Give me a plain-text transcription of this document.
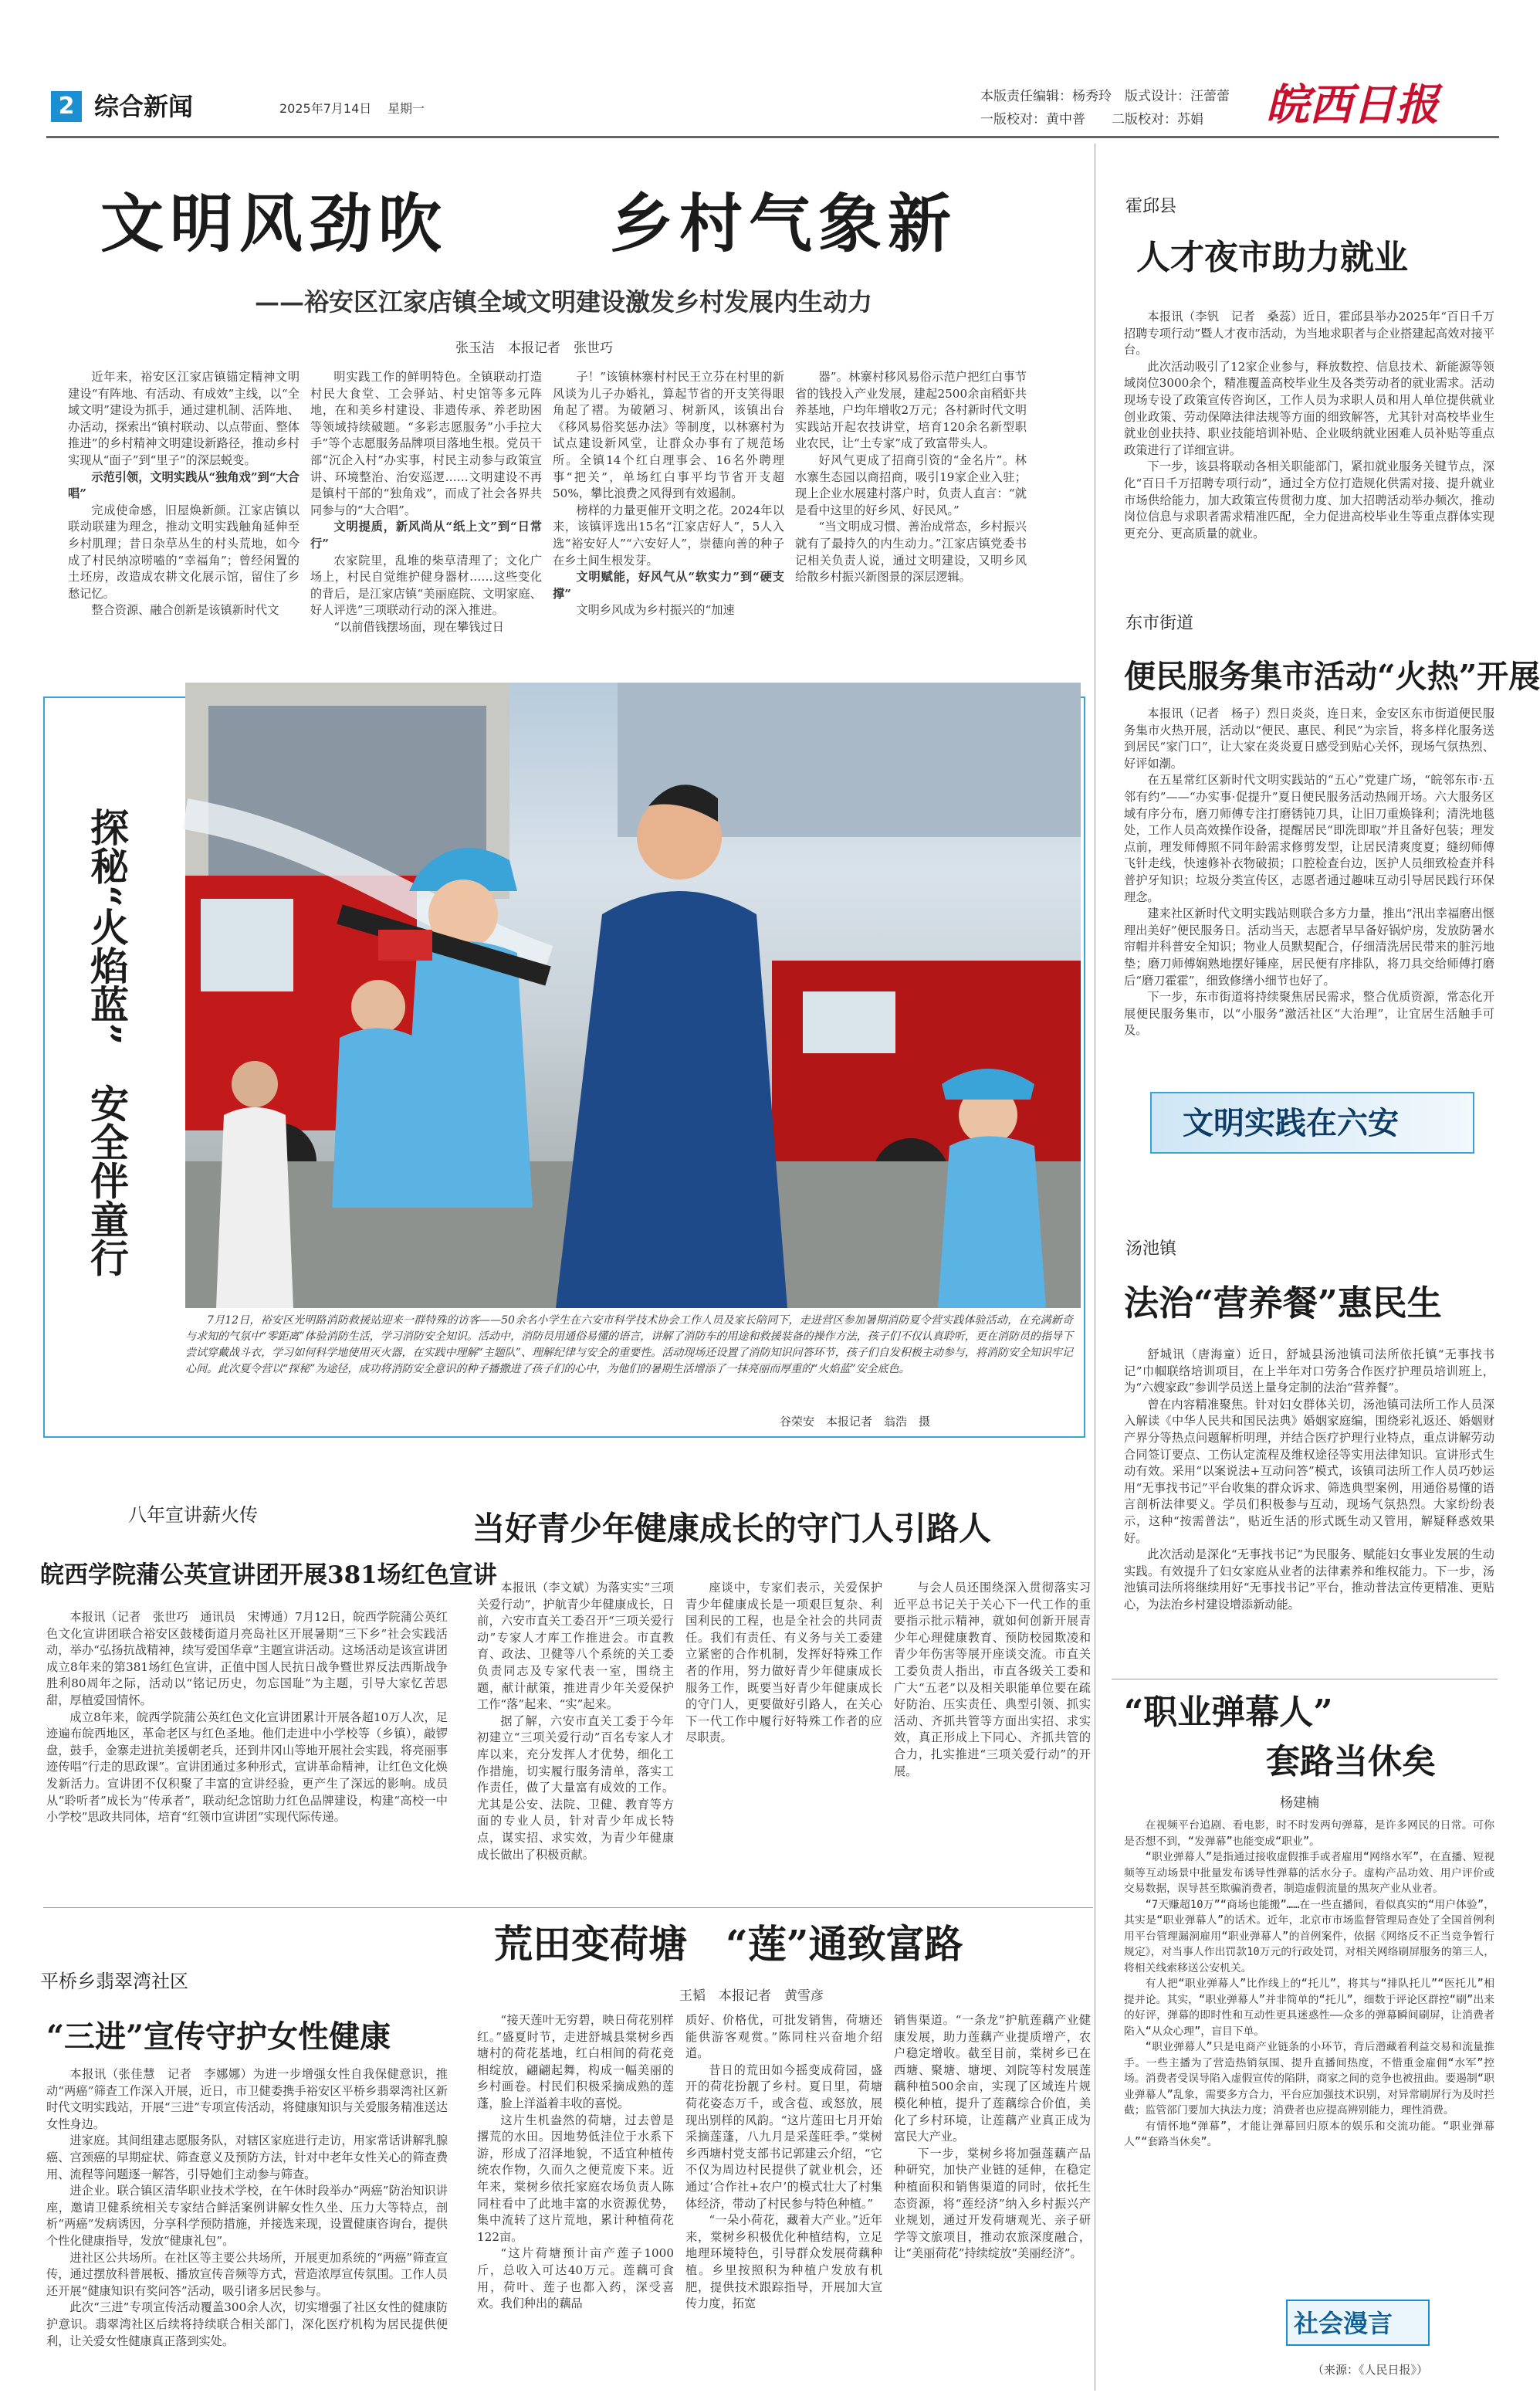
2 综合新闻	2025年7月14日 星期一
本版责任编辑：杨秀玲　版式设计：汪蕾蕾
一版校对：黄中普　　二版校对：苏娟 皖西日报
文明风劲吹	乡村气象新
——裕安区江家店镇全域文明建设激发乡村发展内生动力
张玉洁　本报记者　张世巧

近年来，裕安区江家店镇锚定精神文明建设“有阵地、有活动、有成效”主线，以“全域文明”建设为抓手，通过建机制、活阵地、办活动，探索出“镇村联动、以点带面、整体推进”的乡村精神文明建设新路径，推动乡村实现从“面子”到“里子”的深层蜕变。

示范引领，文明实践从“独角戏”到“大合唱”

完成使命感，旧屋焕新颜。江家店镇以联动联建为理念，推动文明实践触角延伸至乡村肌理；昔日杂草丛生的村头荒地，如今成了村民纳凉唠嗑的“幸福角”；曾经闲置的土坯房，改造成农耕文化展示馆，留住了乡愁记忆。

整合资源、融合创新是该镇新时代文

明实践工作的鲜明特色。全镇联动打造村民大食堂、工会驿站、村史馆等多元阵地，在和美乡村建设、非遗传承、养老助困等领域持续破题。“多彩志愿服务”小手拉大手”等个志愿服务品牌项目落地生根。党员干部“沉企入村”办实事，村民主动参与政策宣讲、环境整治、治安巡逻……文明建设不再是镇村干部的“独角戏”，而成了社会各界共同参与的“大合唱”。

文明提质，新风尚从“纸上文”到“日常行”

农家院里，乱堆的柴草清理了；文化广场上，村民自觉维护健身器材……这些变化的背后，是江家店镇“美丽庭院、文明家庭、好人评选”三项联动行动的深入推进。

“以前借钱摆场面，现在攀钱过日

子！”该镇林寨村村民王立芬在村里的新风谈为儿子办婚礼，算起节省的开支笑得眼角起了褶。为破陋习、树新风，该镇出台《移风易俗奖惩办法》等制度，以林寨村为试点建设新风堂，让群众办事有了规范场所。全镇14个红白理事会、16名外聘理事“把关”，单场红白事平均节省开支超50%，攀比浪费之风得到有效遏制。

榜样的力量更催开文明之花。2024年以来，该镇评选出15名“江家店好人”，5人入选“裕安好人”“六安好人”，崇德向善的种子在乡土间生根发芽。

文明赋能，好风气从“软实力”到“硬支撑”

文明乡风成为乡村振兴的“加速

器”。林寨村移风易俗示范户把红白事节省的钱投入产业发展，建起2500余亩稻虾共养基地，户均年增收2万元；各村新时代文明实践站开起农技讲堂，培育120余名新型职业农民，让“土专家”成了致富带头人。

好风气更成了招商引资的“金名片”。林水寨生态园以商招商，吸引19家企业入驻；现上企业水展建村落户时，负责人直言：“就是看中这里的好乡风、好民风。”

“当文明成习惯、善治成常态，乡村振兴就有了最持久的内生动力。”江家店镇党委书记相关负责人说，通过文明建设，又明乡风给散乡村振兴新图景的深层逻辑。

探秘“火焰蓝”　安全伴童行
7月12日，裕安区光明路消防救援站迎来一群特殊的访客——50余名小学生在六安市科学技术协会工作人员及家长陪同下，走进营区参加暑期消防夏令营实践体验活动，在充满新奇与求知的气氛中“零距离”体验消防生活，学习消防安全知识。活动中，消防员用通俗易懂的语言，讲解了消防车的用途和救援装备的操作方法，孩子们不仅认真聆听，更在消防员的指导下尝试穿戴战斗衣，学习如何科学地使用灭火器，在实践中理解“主题队”、理解纪律与安全的重要性。活动现场还设置了消防知识问答环节，孩子们自发积极主动参与，将消防安全知识牢记心间。此次夏令营以“探秘”为途径，成功将消防安全意识的种子播撒进了孩子们的心中，为他们的暑期生活增添了一抹亮丽而厚重的“火焰蓝”安全底色。
谷荣安　本报记者　翁浩　摄
霍邱县
人才夜市助力就业

本报讯（李钒　记者　桑蕊）近日，霍邱县举办2025年“百日千万招聘专项行动”暨人才夜市活动，为当地求职者与企业搭建起高效对接平台。

此次活动吸引了12家企业参与，释放数控、信息技术、新能源等领域岗位3000余个，精准覆盖高校毕业生及各类劳动者的就业需求。活动现场专设了政策宣传咨询区，工作人员为求职人员和用人单位提供就业创业政策、劳动保障法律法规等方面的细致解答，尤其针对高校毕业生就业创业扶持、职业技能培训补贴、企业吸纳就业困难人员补贴等重点政策进行了详细宣讲。

下一步，该县将联动各相关职能部门，紧扣就业服务关键节点，深化“百日千万招聘专项行动”，通过全方位打造规化供需对接、提升就业市场供给能力，加大政策宣传贯彻力度、加大招聘活动举办频次，推动岗位信息与求职者需求精准匹配，全力促进高校毕业生等重点群体实现更充分、更高质量的就业。

东市街道
便民服务集市活动“火热”开展

本报讯（记者　杨子）烈日炎炎，连日来，金安区东市街道便民服务集市火热开展，活动以“便民、惠民、利民”为宗旨，将多样化服务送到居民“家门口”，让大家在炎炎夏日感受到贴心关怀，现场气氛热烈、好评如潮。

在五星常红区新时代文明实践站的“五心”党建广场，“皖邻东市·五邻有约”——“办实事·促提升”夏日便民服务活动热闹开场。六大服务区域有序分布，磨刀师傅专注打磨锈钝刀具，让旧刀重焕锋利；清洗地毯处，工作人员高效操作设备，提醒居民“即洗即取”并且备好包装；理发点前，理发师傅照不同年龄需求修剪发型，让居民清爽度夏；缝纫师傅飞针走线，快速修补衣物破损；口腔检查台边，医护人员细致检查并科普护牙知识；垃圾分类宣传区，志愿者通过趣味互动引导居民践行环保理念。

建来社区新时代文明实践站则联合多方力量，推出“汛出幸福磨出惬　理出美好”便民服务日。活动当天，志愿者早早备好锅炉房，发放防暑水帘帽并科普安全知识；物业人员默契配合，仔细清洗居民带来的脏污地垫；磨刀师傅娴熟地摆好锤座，居民便有序排队，将刀具交给师傅打磨后“磨刀霍霍”，细致修缮小细节也好了。

下一步，东市街道将持续聚焦居民需求，整合优质资源，常态化开展便民服务集市，以“小服务”激活社区“大治理”，让宜居生活触手可及。

文明实践在六安
汤池镇
法治“营养餐”惠民生

舒城讯（唐海童）近日，舒城县汤池镇司法所依托镇“无事找书记”巾帼联络培训项目，在上半年对口劳务合作医疗护理员培训班上，为“六嫂家政”参训学员送上量身定制的法治“营养餐”。

曾在内容精准聚焦。针对妇女群体关切，汤池镇司法所工作人员深入解读《中华人民共和国民法典》婚姻家庭编，围绕彩礼返还、婚姻财产界分等热点问题解析明理，并结合医疗护理行业特点，重点讲解劳动合同签订要点、工伤认定流程及维权途径等实用法律知识。宣讲形式生动有效。采用“以案说法+互动问答”模式，该镇司法所工作人员巧妙运用“无事找书记”平台收集的群众诉求、筛选典型案例，用通俗易懂的语言剖析法律要义。学员们积极参与互动，现场气氛热烈。大家纷纷表示，这种“按需普法”，贴近生活的形式既生动又管用，解疑释惑效果好。

此次活动是深化“无事找书记”为民服务、赋能妇女事业发展的生动实践。有效提升了妇女家庭从业者的法律素养和维权能力。下一步，汤池镇司法所将继续用好“无事找书记”平台，推动普法宣传更精准、更贴心，为法治乡村建设增添新动能。

“职业弹幕人”
套路当休矣
杨建楠

在视频平台追剧、看电影，时不时发两句弹幕，是许多网民的日常。可你是否想不到，“发弹幕”也能变成“职业”。

“职业弹幕人”是指通过接收虚假推手或者雇用“网络水军”，在直播、短视频等互动场景中批量发布诱导性弹幕的活水分子。虚构产品功效、用户评价或交易数据，误导甚至欺骗消费者，制造虚假流量的黑灰产业从业者。

“7天赚超10万”“商场也能搬”……在一些直播间，看似真实的“用户体验”，其实是“职业弹幕人”的话术。近年，北京市市场监督管理局查处了全国首例利用平台管理漏洞雇用“职业弹幕人”的首例案件，依据《网络反不正当竞争暂行规定》，对当事人作出罚款10万元的行政处罚，对相关网络刷屏服务的第三人，将相关线索移送公安机关。

有人把“职业弹幕人”比作线上的“托儿”，将其与“排队托儿”“医托儿”相提并论。其实，“职业弹幕人”并非简单的“托儿”，细数于评论区群控“刷”出来的好评，弹幕的即时性和互动性更具迷惑性——众多的弹幕瞬间刷屏，让消费者陷入“从众心理”，盲目下单。

“职业弹幕人”只是电商产业链条的小环节，背后潜藏着利益交易和流量推手。一些主播为了营造热销氛围、提升直播间热度，不惜重金雇佣“水军”控场。消费者受误导陷入虚假宣传的陷阱，商家之间的竞争也被扭曲。要遏制“职业弹幕人”乱象，需要多方合力，平台应加强技术识别，对异常刷屏行为及时拦截；监管部门要加大执法力度；消费者也应提高辨别能力，理性消费。

有情怀地“弹幕”，才能让弹幕回归原本的娱乐和交流功能。“职业弹幕人”“套路当休矣”。

社会漫言
（来源：《人民日报》）
八年宣讲薪火传
皖西学院蒲公英宣讲团开展381场红色宣讲

本报讯（记者　张世巧　通讯员　宋博通）7月12日，皖西学院蒲公英红色文化宣讲团联合裕安区鼓楼街道月亮岛社区开展暑期“三下乡”社会实践活动，举办“弘扬抗战精神，续写爱国华章”主题宣讲活动。这场活动是该宣讲团成立8年来的第381场红色宣讲，正值中国人民抗日战争暨世界反法西斯战争胜利80周年之际，活动以“铭记历史，勿忘国耻”为主题，引导大家忆苦思甜，厚植爱国情怀。

成立8年来，皖西学院蒲公英红色文化宣讲团累计开展各超10万人次，足迹遍布皖西地区，革命老区与红色圣地。他们走进中小学校等（乡镇），敲锣盘，鼓手，金寨走进抗美援朝老兵，还到井冈山等地开展社会实践，将亮丽事迹传唱“行走的思政课”。宣讲团通过多种形式，宣讲革命精神，让红色文化焕发新活力。宣讲团不仅积聚了丰富的宣讲经验，更产生了深远的影响。成员从“聆听者”成长为“传承者”，联动纪念馆助力红色品牌建设，构建“高校一中小学校”思政共同体，培育“红领巾宣讲团”实现代际传递。

当好青少年健康成长的守门人引路人

本报讯（李文斌）为落实实“三项关爱行动”，护航青少年健康成长，日前，六安市直关工委召开“三项关爱行动”专家人才库工作推进会。市直教育、政法、卫健等八个系统的关工委负责同志及专家代表一室，围绕主题，献计献策，推进青少年关爱保护工作“落”起来、“实”起来。

据了解，六安市直关工委于今年初建立“三项关爱行动”百名专家人才库以来，充分发挥人才优势，细化工作措施，切实履行服务清单，落实工作责任，做了大量富有成效的工作。尤其是公安、法院、卫健、教育等方面的专业人员，针对青少年成长特点，谋实招、求实效，为青少年健康成长做出了积极贡献。

座谈中，专家们表示，关爱保护青少年健康成长是一项艰巨复杂、利国利民的工程，也是全社会的共同责任。我们有责任、有义务与关工委建立紧密的合作机制，发挥好特殊工作者的作用，努力做好青少年健康成长服务工作，既要当好青少年健康成长的守门人，更要做好引路人，在关心下一代工作中履行好特殊工作者的应尽职责。

与会人员还围绕深入贯彻落实习近平总书记关于关心下一代工作的重要指示批示精神，就如何创新开展青少年心理健康教育、预防校园欺凌和青少年伤害等展开座谈交流。市直关工委负责人指出，市直各级关工委和广大“五老”以及相关职能单位要在疏好防治、压实责任、典型引领、抓实活动、齐抓共管等方面出实招、求实效，真正形成上下同心、齐抓共管的合力，扎实推进“三项关爱行动”的开展。

平桥乡翡翠湾社区
“三进”宣传守护女性健康

本报讯（张佳慧　记者　李娜娜）为进一步增强女性自我保健意识，推动“两癌”筛查工作深入开展，近日，市卫健委携手裕安区平桥乡翡翠湾社区新时代文明实践站，开展“三进”专项宣传活动，将健康知识与关爱服务精准送达女性身边。

进家庭。其间组建志愿服务队，对辖区家庭进行走访，用家常话讲解乳腺癌、宫颈癌的早期症状、筛查意义及预防方法，针对中老年女性关心的筛查费用、流程等问题逐一解答，引导她们主动参与筛查。

进企业。联合镇区清华职业技术学校，在午休时段举办“两癌”防治知识讲座，邀请卫健系统相关专家结合鲜活案例讲解女性久坐、压力大等特点，剖析“两癌”发病诱因，分享科学预防措施，并接选来现，设置健康咨询台，提供个性化健康指导，发放“健康礼包”。

进社区公共场所。在社区等主要公共场所，开展更加系统的“两癌”筛查宣传，通过摆放科普展板、播放宣传音频等方式，营造浓厚宣传氛围。工作人员还开展“健康知识有奖问答”活动，吸引诸多居民参与。

此次“三进”专项宣传活动覆盖300余人次，切实增强了社区女性的健康防护意识。翡翠湾社区后续将持续联合相关部门，深化医疗机构为居民提供便利，让关爱女性健康真正落到实处。

荒田变荷塘　“莲”通致富路
王韬　本报记者　黄雪彦

“接天莲叶无穷碧，映日荷花别样红。”盛夏时节，走进舒城县棠树乡西塘村的荷花基地，红白相间的荷花竞相绽放，翩翩起舞，构成一幅美丽的乡村画卷。村民们积极采摘成熟的莲蓬，脸上洋溢着丰收的喜悦。

这片生机盎然的荷塘，过去曾是撂荒的水田。因地势低洼位于水系下游，形成了沼泽地貌，不适宜种植传统农作物，久而久之便荒废下来。近年来，棠树乡依托家庭农场负责人陈同柱看中了此地丰富的水资源优势，集中流转了这片荒地，累计种植荷花122亩。

“这片荷塘预计亩产莲子1000斤，总收入可达40万元。莲藕可食用，荷叶、莲子也都入药，深受喜欢。我们种出的藕品

质好、价格优，可批发销售，荷塘还能供游客观赏。”陈同柱兴奋地介绍道。

昔日的荒田如今摇变成荷园，盛开的荷花扮靓了乡村。夏日里，荷塘荷花姿态万千，或含苞、或怒放，展现出别样的风韵。“这片莲田七月开始采摘莲蓬，八九月是采莲旺季。”棠树乡西塘村党支部书记郭建云介绍，“它不仅为周边村民提供了就业机会，还通过‘合作社+农户’的模式壮大了村集体经济，带动了村民参与特色种植。”

“一朵小荷花，藏着大产业。”近年来，棠树乡积极优化种植结构，立足地理环境特色，引导群众发展荷藕种植。乡里按照积为种植户发放有机肥，提供技术跟踪指导，开展加大宣传力度，拓宽

销售渠道。“一条龙”护航莲藕产业健康发展，助力莲藕产业提质增产，农户稳定增收。截至目前，棠树乡已在西塘、聚塘、塘埂、刘院等村发展莲藕种植500余亩，实现了区域连片规模化种植，提升了莲藕综合价值，美化了乡村环境，让莲藕产业真正成为富民大产业。

下一步，棠树乡将加强莲藕产品种研究，加快产业链的延伸，在稳定种植面积和销售渠道的同时，依托生态资源，将“莲经济”纳入乡村振兴产业规划，通过开发荷塘观光、亲子研学等文旅项目，推动农旅深度融合，让“美丽荷花”持续绽放“美丽经济”。
